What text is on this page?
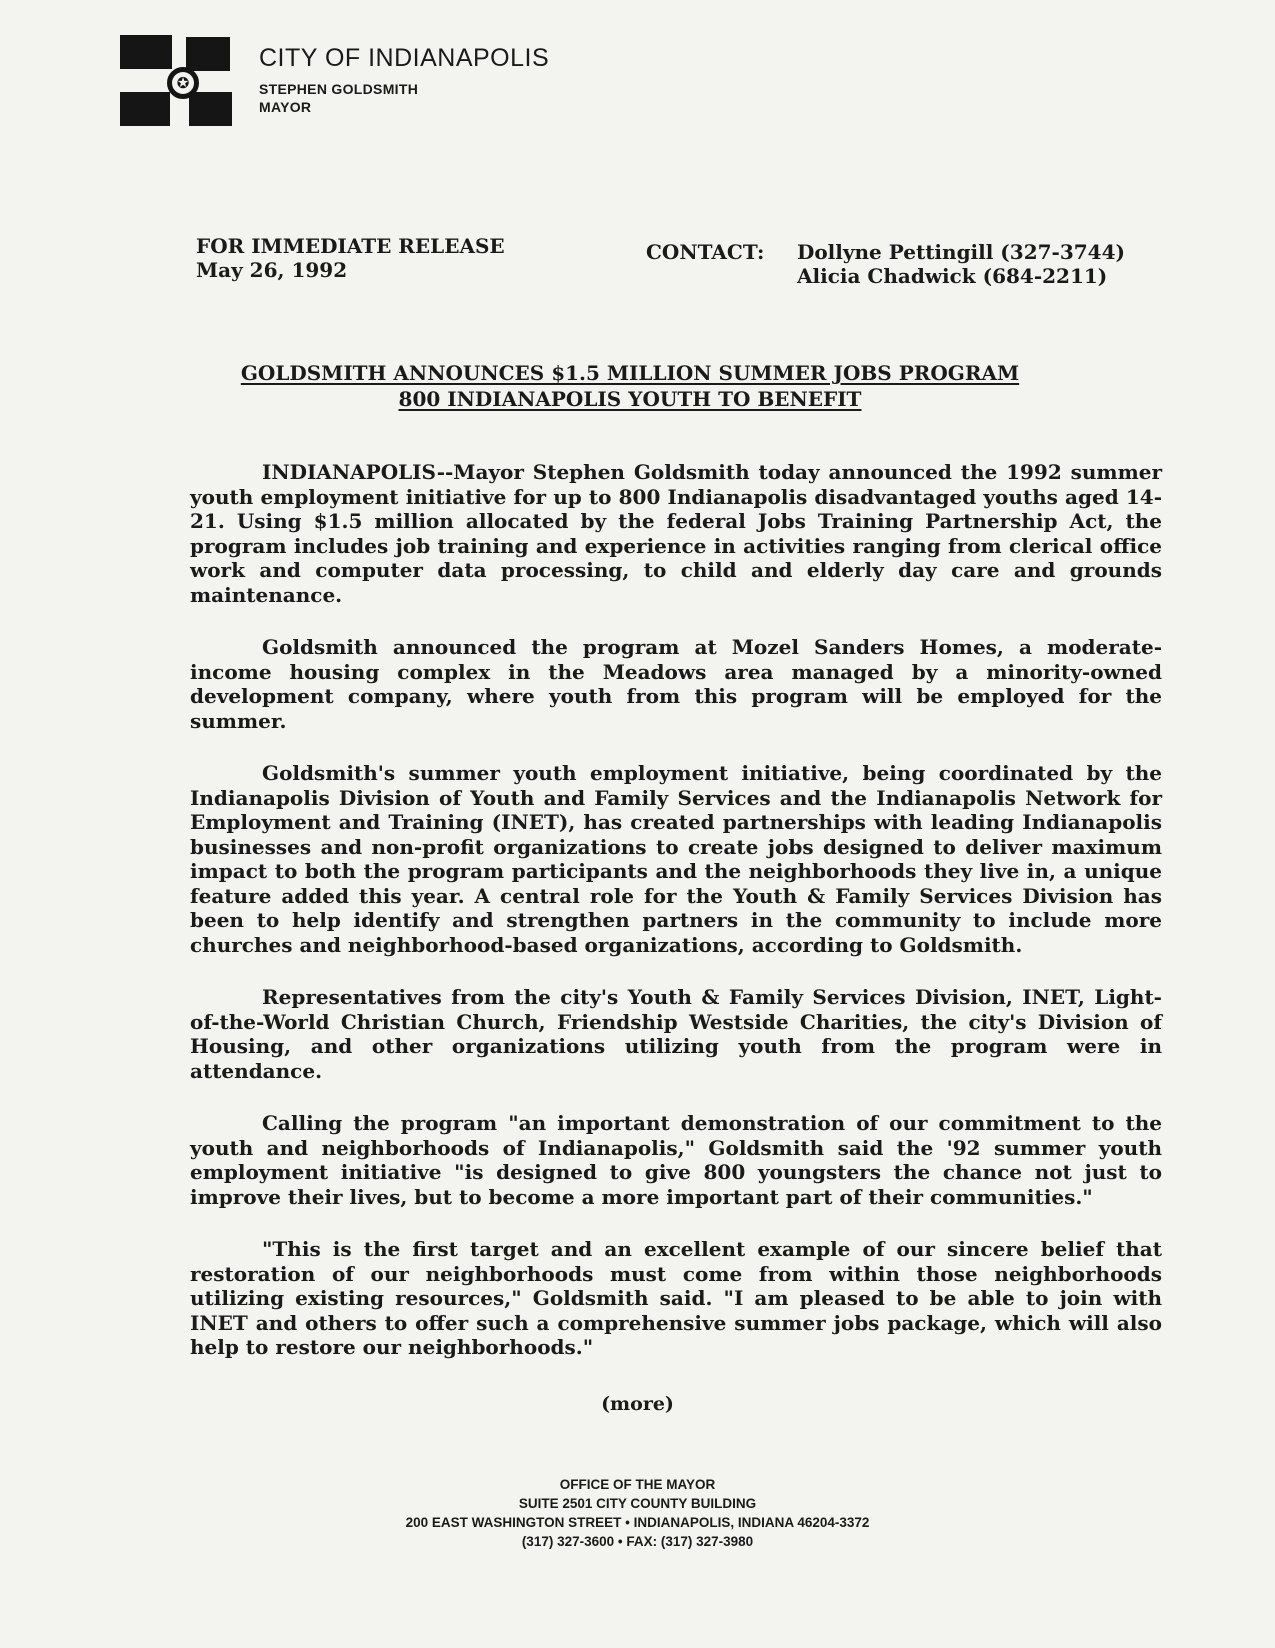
✪
CITY OF INDIANAPOLIS
STEPHEN GOLDSMITH
MAYOR
FOR IMMEDIATE RELEASE
May 26, 1992
CONTACT: Dollyne Pettingill (327-3744)
Alicia Chadwick (684-2211)
GOLDSMITH ANNOUNCES $1.5 MILLION SUMMER JOBS PROGRAM
800 INDIANAPOLIS YOUTH TO BENEFIT

INDIANAPOLIS--Mayor Stephen Goldsmith today announced the 1992 summer youth employment initiative for up to 800 Indianapolis disadvantaged youths aged 14-21. Using $1.5 million allocated by the federal Jobs Training Partnership Act, the program includes job training and experience in activities ranging from clerical office work and computer data processing, to child and elderly day care and grounds maintenance.

Goldsmith announced the program at Mozel Sanders Homes, a moderate-income housing complex in the Meadows area managed by a minority-owned development company, where youth from this program will be employed for the summer.

Goldsmith's summer youth employment initiative, being coordinated by the Indianapolis Division of Youth and Family Services and the Indianapolis Network for Employment and Training (INET), has created partnerships with leading Indianapolis businesses and non-profit organizations to create jobs designed to deliver maximum impact to both the program participants and the neighborhoods they live in, a unique feature added this year. A central role for the Youth & Family Services Division has been to help identify and strengthen partners in the community to include more churches and neighborhood-based organizations, according to Goldsmith.

Representatives from the city's Youth & Family Services Division, INET, Light-of-the-World Christian Church, Friendship Westside Charities, the city's Division of Housing, and other organizations utilizing youth from the program were in attendance.

Calling the program "an important demonstration of our commitment to the youth and neighborhoods of Indianapolis," Goldsmith said the '92 summer youth employment initiative "is designed to give 800 youngsters the chance not just to improve their lives, but to become a more important part of their communities."

"This is the first target and an excellent example of our sincere belief that restoration of our neighborhoods must come from within those neighborhoods utilizing existing resources," Goldsmith said. "I am pleased to be able to join with INET and others to offer such a comprehensive summer jobs package, which will also help to restore our neighborhoods."

(more)
OFFICE OF THE MAYOR
SUITE 2501 CITY COUNTY BUILDING
200 EAST WASHINGTON STREET • INDIANAPOLIS, INDIANA 46204-3372
(317) 327-3600 • FAX: (317) 327-3980
